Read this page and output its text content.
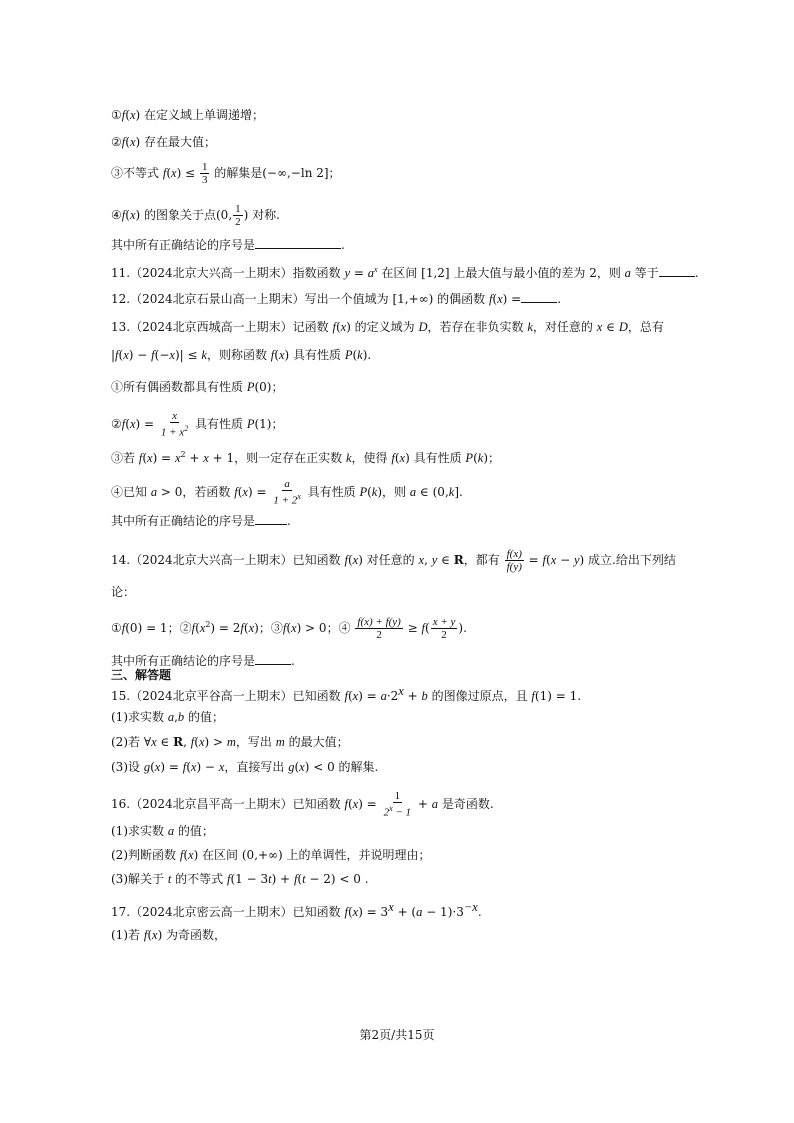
①f(x) 在定义域上单调递增；
②f(x) 存在最大值；
③不等式 $f(x) \le \frac{1}{3}$ 的解集是(−∞,−ln 2]；
④f(x) 的图象关于点(0, $\frac{1}{2}$ ) 对称.
其中所有正确结论的序号是	.
11.（2024北京大兴高一上期末）指数函数 $y = a^x$ 在区间 [1,2] 上最大值与最小值的差为 2，则 a 等于	.
12.（2024北京石景山高一上期末）写出一个值域为 [1,+∞) 的偶函数 f(x) =	.
13.（2024北京西城高一上期末）记函数 f(x) 的定义域为 D，若存在非负实数 k，对任意的 x ∈ D，总有
|f(x) − f(−x)| ≤ k，则称函数 f(x) 具有性质 P(k).
①所有偶函数都具有性质 P(0)；
②f(x) = $\frac{x}{1 + x^2}$ 具有性质 P(1)；
③若 $f(x) = x^2 + x + 1$，则一定存在正实数 k，使得 f(x) 具有性质 P(k)；
④已知 a > 0，若函数 $f(x) = \frac{a}{1 + 2^x}$ 具有性质 P(k)，则 a ∈ (0,k].
其中所有正确结论的序号是	.
14.（2024北京大兴高一上期末）已知函数 f(x) 对任意的 x, y ∈ R，都有 $\frac{f(x)}{f(y)} = f(x - y)$ 成立.给出下列结
论：
①f(0) = 1；$②f(x^2) = 2f(x)$；③f(x) > 0；④ $\frac{f(x) + f(y)}{2} \ge f( \frac{x + y}{2}$ ).
其中所有正确结论的序号是	.
三、解答题
15.（2024北京平谷高一上期末）已知函数 $f(x) = a\cdot 2^x + b$ 的图像过原点，且 f(1) = 1.
(1)求实数 a,b 的值；
(2)若 ∀x ∈ R, f(x) > m，写出 m 的最大值；
(3)设 g(x) = f(x) − x，直接写出 g(x) < 0 的解集.
16.（2024北京昌平高一上期末）已知函数 $f(x) = \frac{1}{2^x - 1} + a$ 是奇函数.
(1)求实数 a 的值；
(2)判断函数 f(x) 在区间 (0,+∞) 上的单调性，并说明理由；
(3)解关于 t 的不等式 f(1 − 3t) + f(t − 2) < 0 .
17.（2024北京密云高一上期末）已知函数 $f(x) = 3^x + (a - 1)\cdot 3^{-x}$.
(1)若 f(x) 为奇函数，
第2页/共15页
